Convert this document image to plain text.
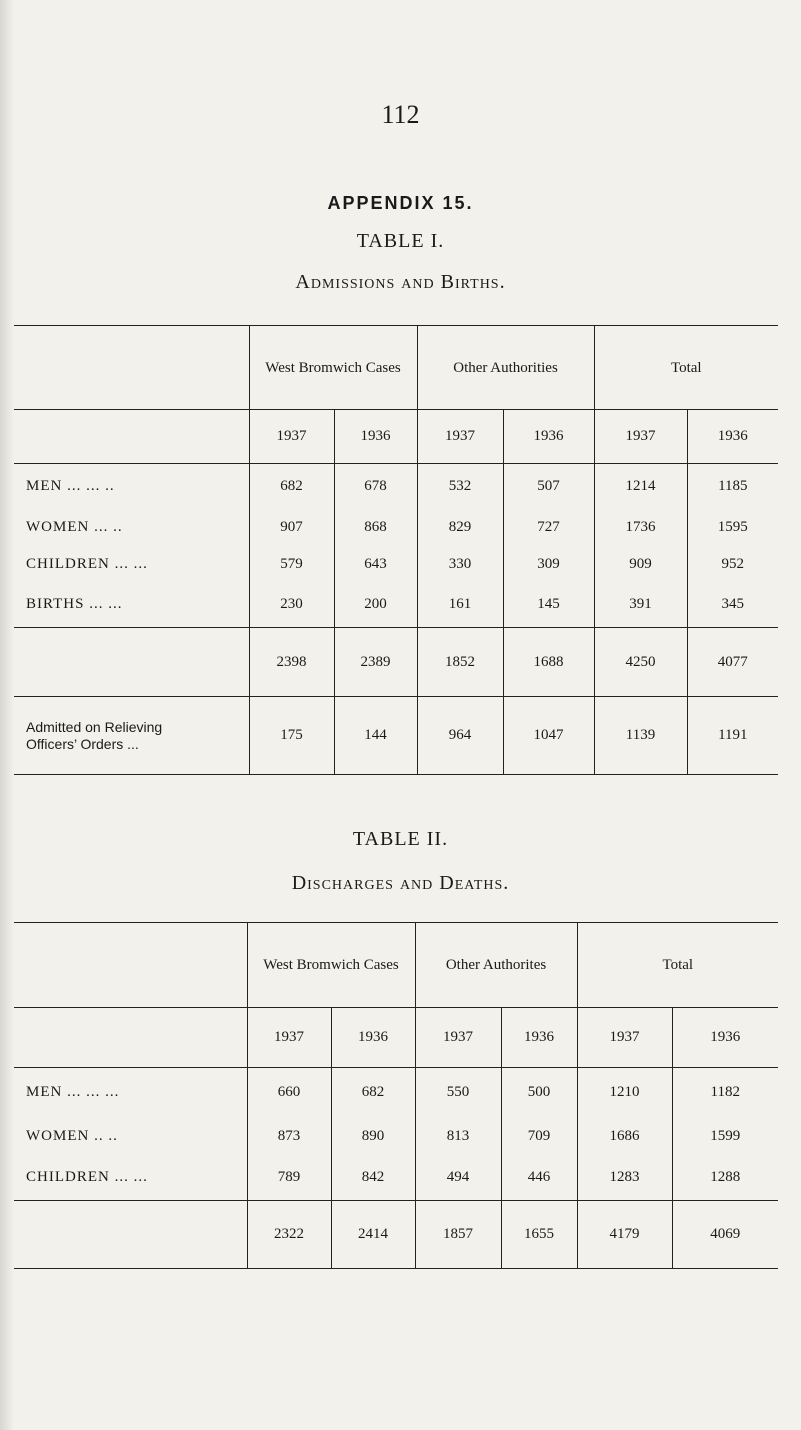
112
APPENDIX 15.
TABLE I.
Admissions and Births.
	West Bromwich Cases		Other Authorities		Total	
	1937	1936	1937	1936	1937	1936
MEN ... ... ..	682	678	532	507	1214	1185
WOMEN ... ..	907	868	829	727	1736	1595
CHILDREN ... ...	579	643	330	309	909	952
BIRTHS ... ...	230	200	161	145	391	345
	2398	2389	1852	1688	4250	4077

Admitted on Relieving
Officers’ Orders ...	175	144	964	1047	1139	1191
TABLE II.
Discharges and Deaths.
	West Bromwich Cases		Other Authorites		Total	
	1937	1936	1937	1936	1937	1936
MEN ... ... ...	660	682	550	500	1210	1182
WOMEN .. ..	873	890	813	709	1686	1599
CHILDREN ... ...	789	842	494	446	1283	1288
	2322	2414	1857	1655	4179	4069
